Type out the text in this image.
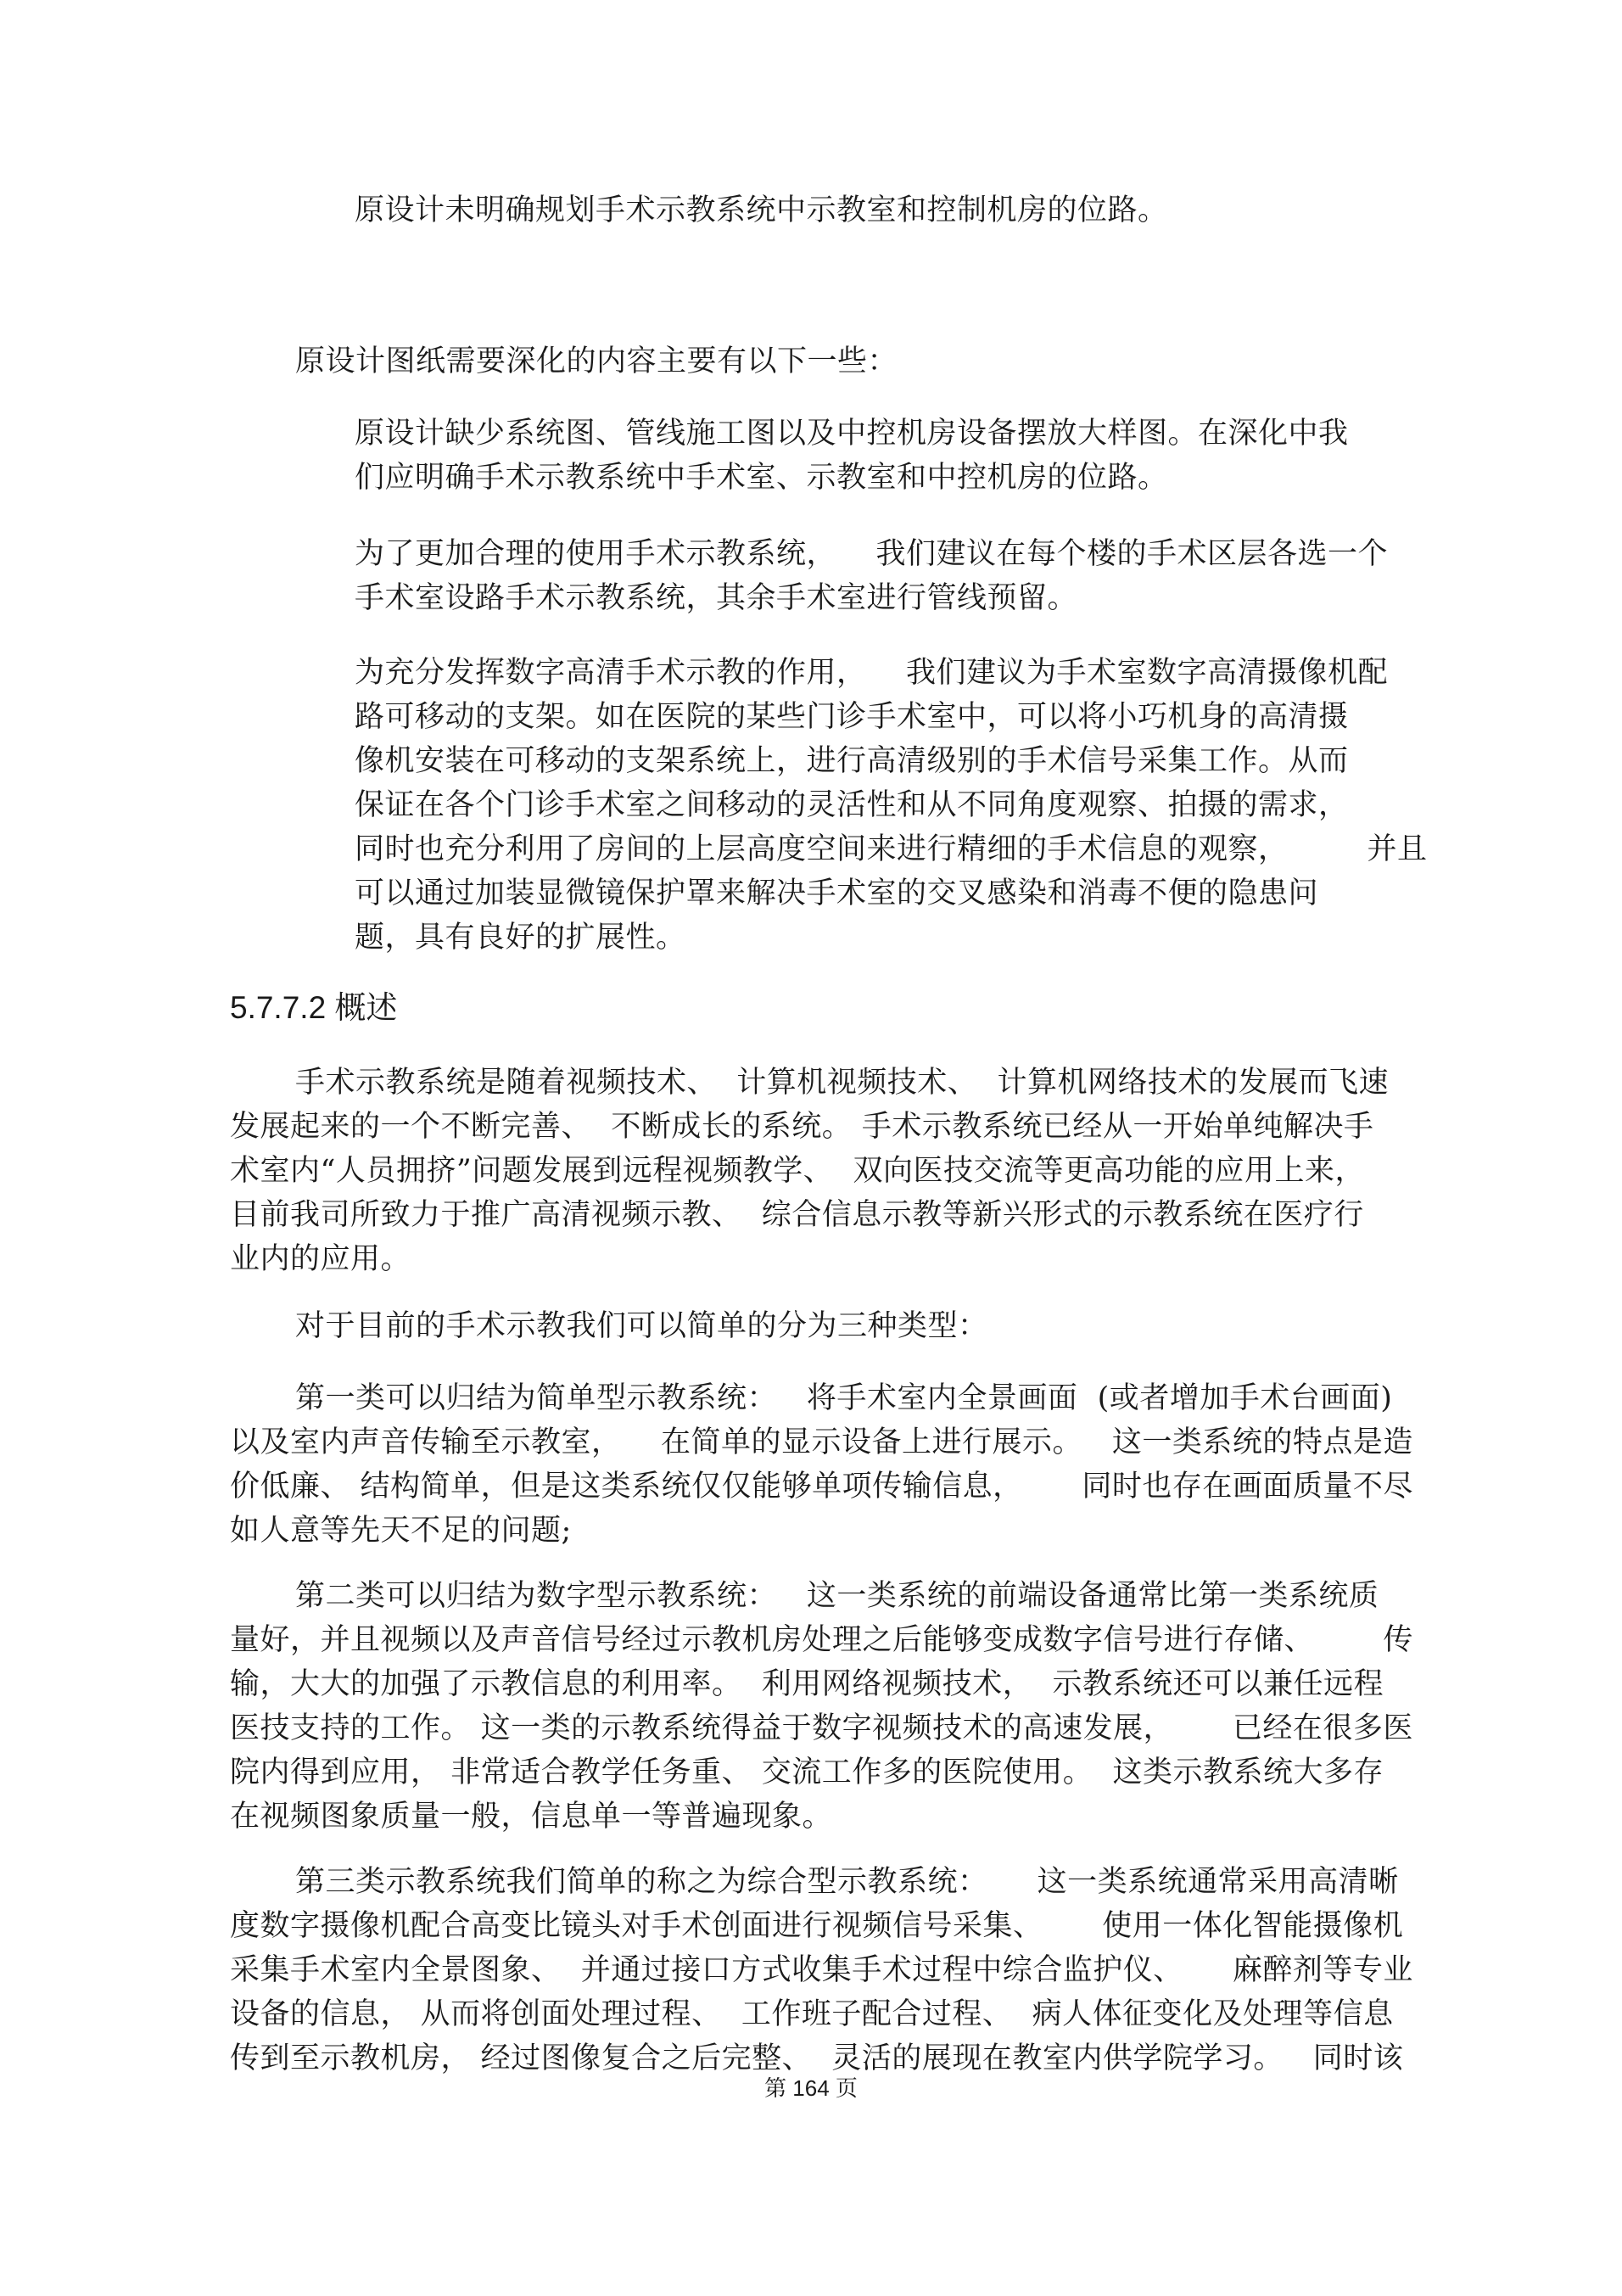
原设计未明确规划手术示教系统中示教室和控制机房的位路。
原设计图纸需要深化的内容主要有以下一些：
原设计缺少系统图、管线施工图以及中控机房设备摆放大样图。在深化中我
们应明确手术示教系统中手术室、示教室和中控机房的位路。
为了更加合理的使用手术示教系统，    我们建议在每个楼的手术区层各选一个
手术室设路手术示教系统，其余手术室进行管线预留。
为充分发挥数字高清手术示教的作用，    我们建议为手术室数字高清摄像机配
路可移动的支架。如在医院的某些门诊手术室中，可以将小巧机身的高清摄
像机安装在可移动的支架系统上，进行高清级别的手术信号采集工作。从而
保证在各个门诊手术室之间移动的灵活性和从不同角度观察、拍摄的需求，
同时也充分利用了房间的上层高度空间来进行精细的手术信息的观察，        并且
可以通过加装显微镜保护罩来解决手术室的交叉感染和消毒不便的隐患问
题，具有良好的扩展性。
5.7.7.2 概述
手术示教系统是随着视频技术、  计算机视频技术、  计算机网络技术的发展而飞速
发展起来的一个不断完善、  不断成长的系统。 手术示教系统已经从一开始单纯解决手
术室内“人员拥挤”问题发展到远程视频教学、  双向医技交流等更高功能的应用上来，
目前我司所致力于推广高清视频示教、  综合信息示教等新兴形式的示教系统在医疗行
业内的应用。
对于目前的手术示教我们可以简单的分为三种类型：
第一类可以归结为简单型示教系统：   将手术室内全景画面  (或者增加手术台画面)
以及室内声音传输至示教室，    在简单的显示设备上进行展示。   这一类系统的特点是造
价低廉、 结构简单，但是这类系统仅仅能够单项传输信息，      同时也存在画面质量不尽
如人意等先天不足的问题;
第二类可以归结为数字型示教系统：   这一类系统的前端设备通常比第一类系统质
量好，并且视频以及声音信号经过示教机房处理之后能够变成数字信号进行存储、       传
输，大大的加强了示教信息的利用率。  利用网络视频技术，  示教系统还可以兼任远程
医技支持的工作。 这一类的示教系统得益于数字视频技术的高速发展，      已经在很多医
院内得到应用， 非常适合教学任务重、 交流工作多的医院使用。  这类示教系统大多存
在视频图象质量一般，信息单一等普遍现象。
第三类示教系统我们简单的称之为综合型示教系统：     这一类系统通常采用高清晰
度数字摄像机配合高变比镜头对手术创面进行视频信号采集、      使用一体化智能摄像机
采集手术室内全景图象、  并通过接口方式收集手术过程中综合监护仪、     麻醉剂等专业
设备的信息， 从而将创面处理过程、  工作班子配合过程、  病人体征变化及处理等信息
传到至示教机房， 经过图像复合之后完整、  灵活的展现在教室内供学院学习。   同时该
第 164 页
